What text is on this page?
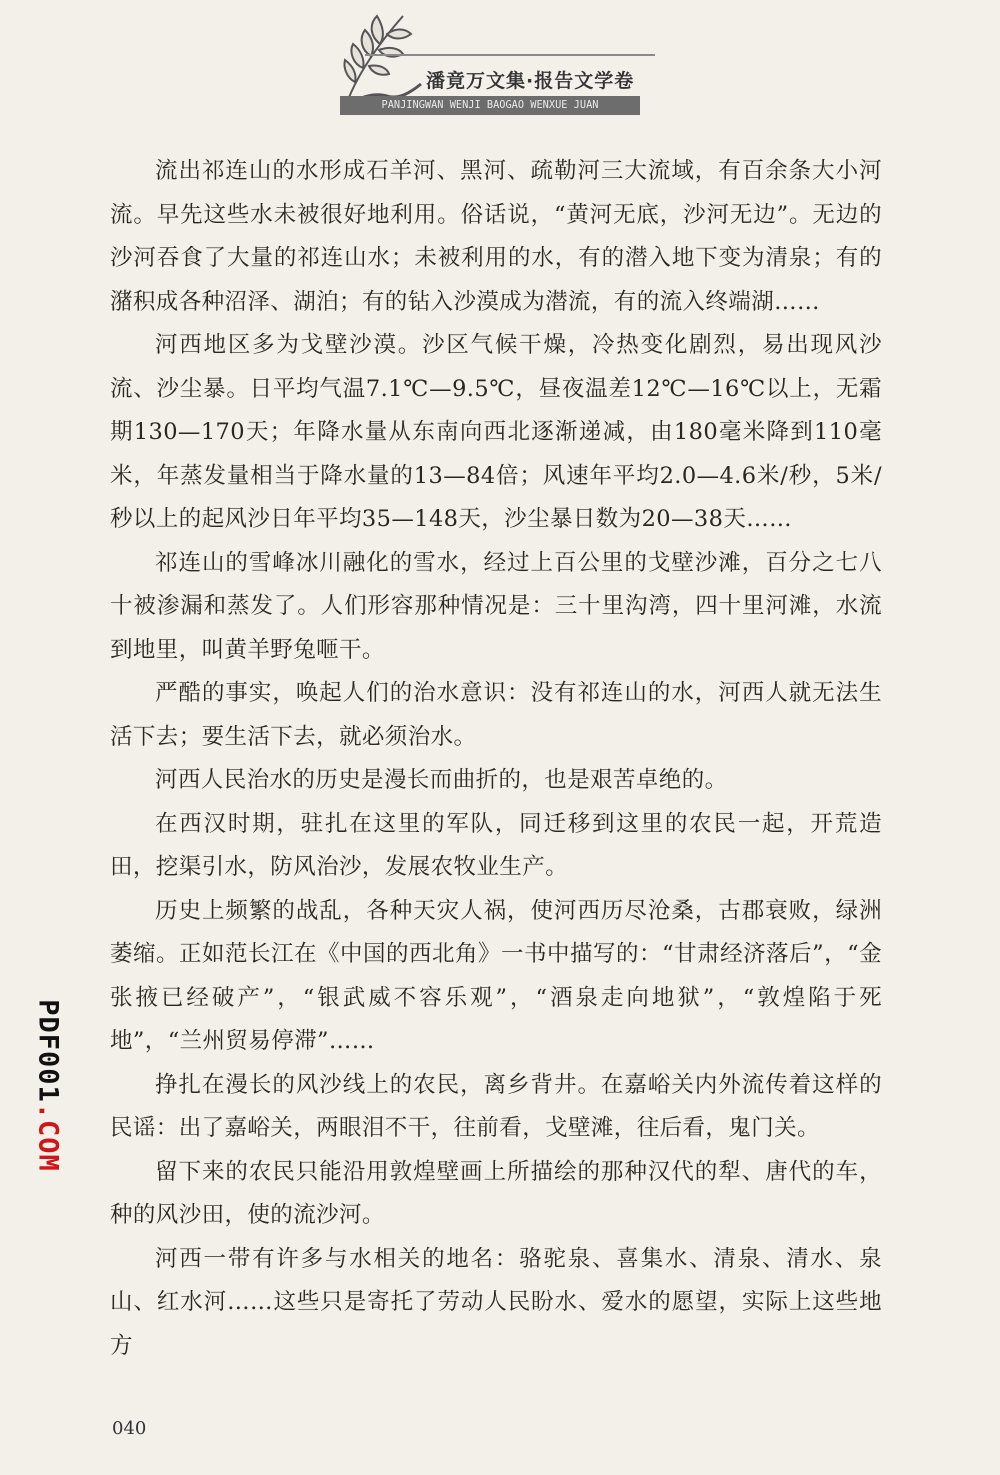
潘竟万文集·报告文学卷
PANJINGWAN WENJI BAOGAO WENXUE JUAN

流出祁连山的水形成石羊河、黑河、疏勒河三大流域，有百余条大小河流。早先这些水未被很好地利用。俗话说，“黄河无底，沙河无边”。无边的沙河吞食了大量的祁连山水；未被利用的水，有的潜入地下变为清泉；有的潴积成各种沼泽、湖泊；有的钻入沙漠成为潜流，有的流入终端湖……

河西地区多为戈壁沙漠。沙区气候干燥，冷热变化剧烈，易出现风沙流、沙尘暴。日平均气温7.1℃—9.5℃，昼夜温差12℃—16℃以上，无霜期130—170天；年降水量从东南向西北逐渐递减，由180毫米降到110毫米，年蒸发量相当于降水量的13—84倍；风速年平均2.0—4.6米/秒，5米/秒以上的起风沙日年平均35—148天，沙尘暴日数为20—38天……

祁连山的雪峰冰川融化的雪水，经过上百公里的戈壁沙滩，百分之七八十被渗漏和蒸发了。人们形容那种情况是：三十里沟湾，四十里河滩，水流到地里，叫黄羊野兔咂干。

严酷的事实，唤起人们的治水意识：没有祁连山的水，河西人就无法生活下去；要生活下去，就必须治水。

河西人民治水的历史是漫长而曲折的，也是艰苦卓绝的。

在西汉时期，驻扎在这里的军队，同迁移到这里的农民一起，开荒造田，挖渠引水，防风治沙，发展农牧业生产。

历史上频繁的战乱，各种天灾人祸，使河西历尽沧桑，古郡衰败，绿洲萎缩。正如范长江在《中国的西北角》一书中描写的：“甘肃经济落后”，“金张掖已经破产”，“银武威不容乐观”，“酒泉走向地狱”，“敦煌陷于死地”，“兰州贸易停滞”……

挣扎在漫长的风沙线上的农民，离乡背井。在嘉峪关内外流传着这样的民谣：出了嘉峪关，两眼泪不干，往前看，戈壁滩，往后看，鬼门关。

留下来的农民只能沿用敦煌壁画上所描绘的那种汉代的犁、唐代的车，种的风沙田，使的流沙河。

河西一带有许多与水相关的地名：骆驼泉、喜集水、清泉、清水、泉山、红水河……这些只是寄托了劳动人民盼水、爱水的愿望，实际上这些地方

PDF001.COM
040
